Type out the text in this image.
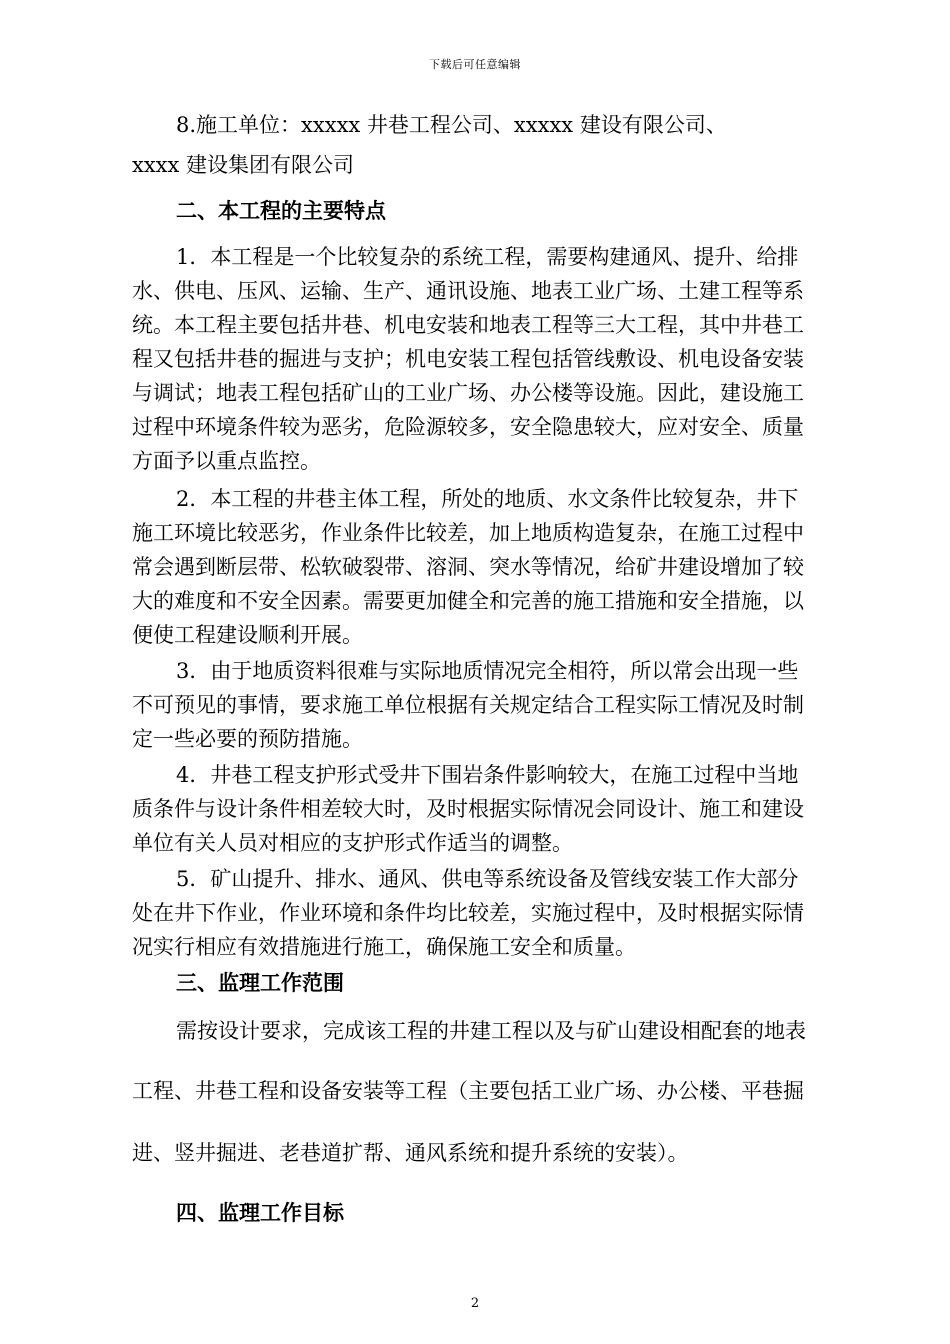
下载后可任意编辑
8.施工单位：xxxxx 井巷工程公司、xxxxx 建设有限公司、
xxxx 建设集团有限公司
二、本工程的主要特点
1．本工程是一个比较复杂的系统工程，需要构建通风、提升、给排
水、供电、压风、运输、生产、通讯设施、地表工业广场、土建工程等系
统。本工程主要包括井巷、机电安装和地表工程等三大工程，其中井巷工
程又包括井巷的掘进与支护；机电安装工程包括管线敷设、机电设备安装
与调试；地表工程包括矿山的工业广场、办公楼等设施。因此，建设施工
过程中环境条件较为恶劣，危险源较多，安全隐患较大，应对安全、质量
方面予以重点监控。
2．本工程的井巷主体工程，所处的地质、水文条件比较复杂，井下
施工环境比较恶劣，作业条件比较差，加上地质构造复杂，在施工过程中
常会遇到断层带、松软破裂带、溶洞、突水等情况，给矿井建设增加了较
大的难度和不安全因素。需要更加健全和完善的施工措施和安全措施，以
便使工程建设顺利开展。
3．由于地质资料很难与实际地质情况完全相符，所以常会出现一些
不可预见的事情，要求施工单位根据有关规定结合工程实际工情况及时制
定一些必要的预防措施。
4．井巷工程支护形式受井下围岩条件影响较大，在施工过程中当地
质条件与设计条件相差较大时，及时根据实际情况会同设计、施工和建设
单位有关人员对相应的支护形式作适当的调整。
5．矿山提升、排水、通风、供电等系统设备及管线安装工作大部分
处在井下作业，作业环境和条件均比较差，实施过程中，及时根据实际情
况实行相应有效措施进行施工，确保施工安全和质量。
三、监理工作范围
需按设计要求，完成该工程的井建工程以及与矿山建设相配套的地表
工程、井巷工程和设备安装等工程（主要包括工业广场、办公楼、平巷掘
进、竖井掘进、老巷道扩帮、通风系统和提升系统的安装）。
四、监理工作目标
2
